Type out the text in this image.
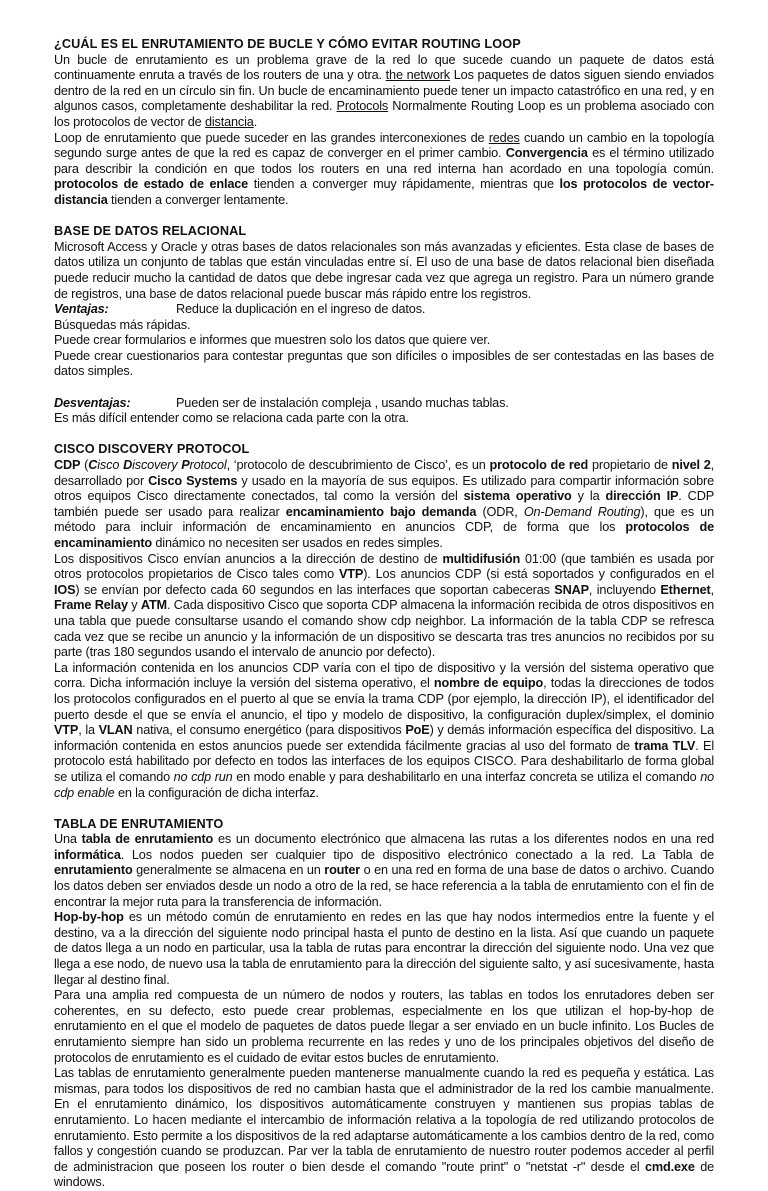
¿CUÁL ES EL ENRUTAMIENTO DE BUCLE Y CÓMO EVITAR ROUTING LOOP

Un bucle de enrutamiento es un problema grave de la red lo que sucede cuando un paquete de datos está continuamente enruta a través de los routers de una y otra. the network Los paquetes de datos siguen siendo enviados dentro de la red en un círculo sin fin. Un bucle de encaminamiento puede tener un impacto catastrófico en una red, y en algunos casos, completamente deshabilitar la red. Protocols Normalmente Routing Loop es un problema asociado con los protocolos de vector de distancia.

Loop de enrutamiento que puede suceder en las grandes interconexiones de redes cuando un cambio en la topología segundo surge antes de que la red es capaz de converger en el primer cambio. Convergencia es el término utilizado para describir la condición en que todos los routers en una red interna han acordado en una topología común. protocolos de estado de enlace tienden a converger muy rápidamente, mientras que los protocolos de vector-distancia tienden a converger lentamente.

BASE DE DATOS RELACIONAL

Microsoft Access y Oracle y otras bases de datos relacionales son más avanzadas y eficientes. Esta clase de bases de datos utiliza un conjunto de tablas que están vinculadas entre sí. El uso de una base de datos relacional bien diseñada puede reducir mucho la cantidad de datos que debe ingresar cada vez que agrega un registro. Para un número grande de registros, una base de datos relacional puede buscar más rápido entre los registros.

Ventajas:	Reduce la duplicación en el ingreso de datos.

Búsquedas más rápidas.

Puede crear formularios e informes que muestren solo los datos que quiere ver.

Puede crear cuestionarios para contestar preguntas que son difíciles o imposibles de ser contestadas en las bases de datos simples.

Desventajas:	Pueden ser de instalación compleja , usando muchas tablas.

Es más difícil entender como se relaciona cada parte con la otra.

CISCO DISCOVERY PROTOCOL

CDP (Cisco Discovery Protocol, ‘protocolo de descubrimiento de Cisco’, es un protocolo de red propietario de nivel 2, desarrollado por Cisco Systems y usado en la mayoría de sus equipos. Es utilizado para compartir información sobre otros equipos Cisco directamente conectados, tal como la versión del sistema operativo y la dirección IP. CDP también puede ser usado para realizar encaminamiento bajo demanda (ODR, On-Demand Routing), que es un método para incluir información de encaminamiento en anuncios CDP, de forma que los protocolos de encaminamiento dinámico no necesiten ser usados en redes simples.

Los dispositivos Cisco envían anuncios a la dirección de destino de multidifusión 01:00 (que también es usada por otros protocolos propietarios de Cisco tales como VTP). Los anuncios CDP (si está soportados y configurados en el IOS) se envían por defecto cada 60 segundos en las interfaces que soportan cabeceras SNAP, incluyendo Ethernet, Frame Relay y ATM. Cada dispositivo Cisco que soporta CDP almacena la información recibida de otros dispositivos en una tabla que puede consultarse usando el comando show cdp neighbor. La información de la tabla CDP se refresca cada vez que se recibe un anuncio y la información de un dispositivo se descarta tras tres anuncios no recibidos por su parte (tras 180 segundos usando el intervalo de anuncio por defecto).

La información contenida en los anuncios CDP varía con el tipo de dispositivo y la versión del sistema operativo que corra. Dicha información incluye la versión del sistema operativo, el nombre de equipo, todas la direcciones de todos los protocolos configurados en el puerto al que se envía la trama CDP (por ejemplo, la dirección IP), el identificador del puerto desde el que se envía el anuncio, el tipo y modelo de dispositivo, la configuración duplex/simplex, el dominio VTP, la VLAN nativa, el consumo energético (para dispositivos PoE) y demás información específica del dispositivo. La información contenida en estos anuncios puede ser extendida fácilmente gracias al uso del formato de trama TLV. El protocolo está habilitado por defecto en todos las interfaces de los equipos CISCO. Para deshabilitarlo de forma global se utiliza el comando no cdp run en modo enable y para deshabilitarlo en una interfaz concreta se utiliza el comando no cdp enable en la configuración de dicha interfaz.

TABLA DE ENRUTAMIENTO

Una tabla de enrutamiento es un documento electrónico que almacena las rutas a los diferentes nodos en una red informática. Los nodos pueden ser cualquier tipo de dispositivo electrónico conectado a la red. La Tabla de enrutamiento generalmente se almacena en un router o en una red en forma de una base de datos o archivo. Cuando los datos deben ser enviados desde un nodo a otro de la red, se hace referencia a la tabla de enrutamiento con el fin de encontrar la mejor ruta para la transferencia de información.

Hop-by-hop es un método común de enrutamiento en redes en las que hay nodos intermedios entre la fuente y el destino, va a la dirección del siguiente nodo principal hasta el punto de destino en la lista. Así que cuando un paquete de datos llega a un nodo en particular, usa la tabla de rutas para encontrar la dirección del siguiente nodo. Una vez que llega a ese nodo, de nuevo usa la tabla de enrutamiento para la dirección del siguiente salto, y así sucesivamente, hasta llegar al destino final.

Para una amplia red compuesta de un número de nodos y routers, las tablas en todos los enrutadores deben ser coherentes, en su defecto, esto puede crear problemas, especialmente en los que utilizan el hop-by-hop de enrutamiento en el que el modelo de paquetes de datos puede llegar a ser enviado en un bucle infinito. Los Bucles de enrutamiento siempre han sido un problema recurrente en las redes y uno de los principales objetivos del diseño de protocolos de enrutamiento es el cuidado de evitar estos bucles de enrutamiento.

Las tablas de enrutamiento generalmente pueden mantenerse manualmente cuando la red es pequeña y estática. Las mismas, para todos los dispositivos de red no cambian hasta que el administrador de la red los cambie manualmente. En el enrutamiento dinámico, los dispositivos automáticamente construyen y mantienen sus propias tablas de enrutamiento. Lo hacen mediante el intercambio de información relativa a la topología de red utilizando protocolos de enrutamiento. Esto permite a los dispositivos de la red adaptarse automáticamente a los cambios dentro de la red, como fallos y congestión cuando se produzcan. Par ver la tabla de enrutamiento de nuestro router podemos acceder al perfil de administracion que poseen los router o bien desde el comando "route print" o "netstat -r" desde el cmd.exe de windows.
